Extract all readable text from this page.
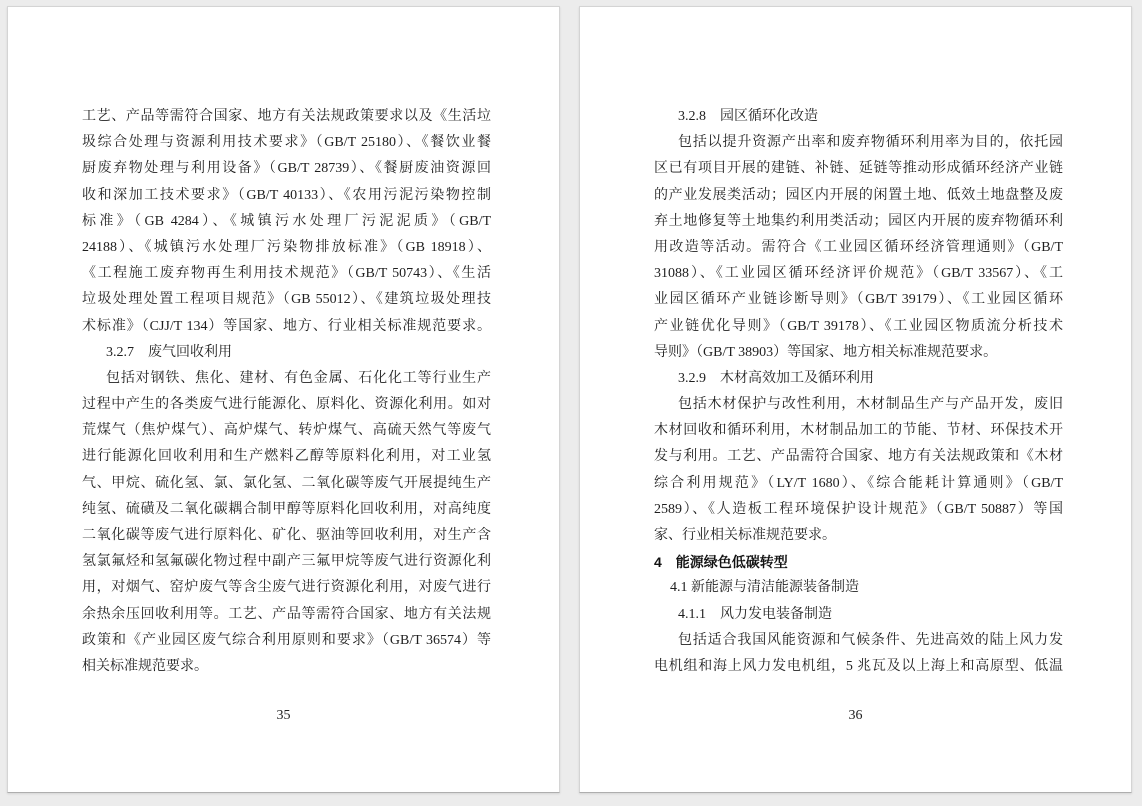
工艺、产品等需符合国家、地方有关法规政策要求以及《生活垃
圾综合处理与资源利用技术要求》（GB/T 25180）、《餐饮业餐
厨废弃物处理与利用设备》（GB/T 28739）、《餐厨废油资源回
收和深加工技术要求》（GB/T 40133）、《农用污泥污染物控制
标准》（GB 4284）、《城镇污水处理厂污泥泥质》（GB/T
24188）、《城镇污水处理厂污染物排放标准》（GB 18918）、
《工程施工废弃物再生利用技术规范》（GB/T 50743）、《生活
垃圾处理处置工程项目规范》（GB 55012）、《建筑垃圾处理技
术标准》（CJJ/T 134）等国家、地方、行业相关标准规范要求。
3.2.7　废气回收利用
包括对钢铁、焦化、建材、有色金属、石化化工等行业生产
过程中产生的各类废气进行能源化、原料化、资源化利用。如对
荒煤气（焦炉煤气）、高炉煤气、转炉煤气、高硫天然气等废气
进行能源化回收利用和生产燃料乙醇等原料化利用，对工业氢
气、甲烷、硫化氢、氯、氯化氢、二氧化碳等废气开展提纯生产
纯氢、硫磺及二氧化碳耦合制甲醇等原料化回收利用，对高纯度
二氧化碳等废气进行原料化、矿化、驱油等回收利用，对生产含
氢氯氟烃和氢氟碳化物过程中副产三氟甲烷等废气进行资源化利
用，对烟气、窑炉废气等含尘废气进行资源化利用，对废气进行
余热余压回收利用等。工艺、产品等需符合国家、地方有关法规
政策和《产业园区废气综合利用原则和要求》（GB/T 36574）等
相关标准规范要求。
35
3.2.8　园区循环化改造
包括以提升资源产出率和废弃物循环利用率为目的，依托园
区已有项目开展的建链、补链、延链等推动形成循环经济产业链
的产业发展类活动；园区内开展的闲置土地、低效土地盘整及废
弃土地修复等土地集约利用类活动；园区内开展的废弃物循环利
用改造等活动。需符合《工业园区循环经济管理通则》（GB/T
31088）、《工业园区循环经济评价规范》（GB/T 33567）、《工
业园区循环产业链诊断导则》（GB/T 39179）、《工业园区循环
产业链优化导则》（GB/T 39178）、《工业园区物质流分析技术
导则》（GB/T 38903）等国家、地方相关标准规范要求。
3.2.9　木材高效加工及循环利用
包括木材保护与改性利用，木材制品生产与产品开发，废旧
木材回收和循环利用，木材制品加工的节能、节材、环保技术开
发与利用。工艺、产品需符合国家、地方有关法规政策和《木材
综合利用规范》（LY/T 1680）、《综合能耗计算通则》（GB/T
2589）、《人造板工程环境保护设计规范》（GB/T 50887）等国
家、行业相关标准规范要求。
4　能源绿色低碳转型
4.1 新能源与清洁能源装备制造
4.1.1　风力发电装备制造
包括适合我国风能资源和气候条件、先进高效的陆上风力发
电机组和海上风力发电机组，5 兆瓦及以上海上和高原型、低温
36
